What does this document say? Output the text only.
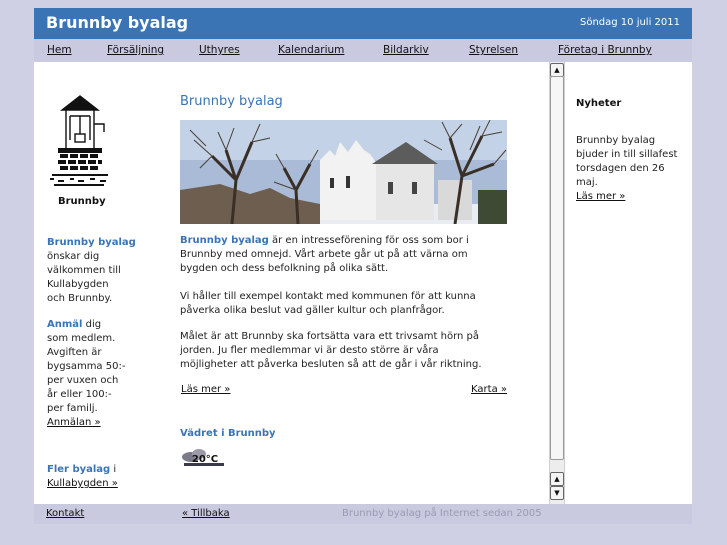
Brunnby byalag	Söndag 10 juli 2011
Hem	Försäljning	Uthyres	Kalendarium	Bildarkiv	Styrelsen	Företag i Brunnby
Brunnby
Brunnby byalag
önskar dig
välkommen till
Kullabygden
och Brunnby.
Anmäl dig
som medlem.
Avgiften är
bygsamma 50:-
per vuxen och
år eller 100:-
per familj.
Anmälan »
Fler byalag i
Kullabygden »
Brunnby byalag
Brunnby byalag är en intresseförening för oss som bor i
Brunnby med omnejd. Vårt arbete går ut på att värna om
bygden och dess befolkning på olika sätt.
Vi håller till exempel kontakt med kommunen för att kunna
påverka olika beslut vad gäller kultur och planfrågor.
Målet är att Brunnby ska fortsätta vara ett trivsamt hörn på
jorden. Ju fler medlemmar vi är desto större är våra
möjligheter att påverka besluten så att de går i vår riktning.
Läs mer »	Karta »
Vädret i Brunnby
20°C
▲
▲
▼
Nyheter
Brunnby byalag
bjuder in till sillafest
torsdagen den 26
maj.
Läs mer »
Kontakt	« Tillbaka	Brunnby byalag på Internet sedan 2005
